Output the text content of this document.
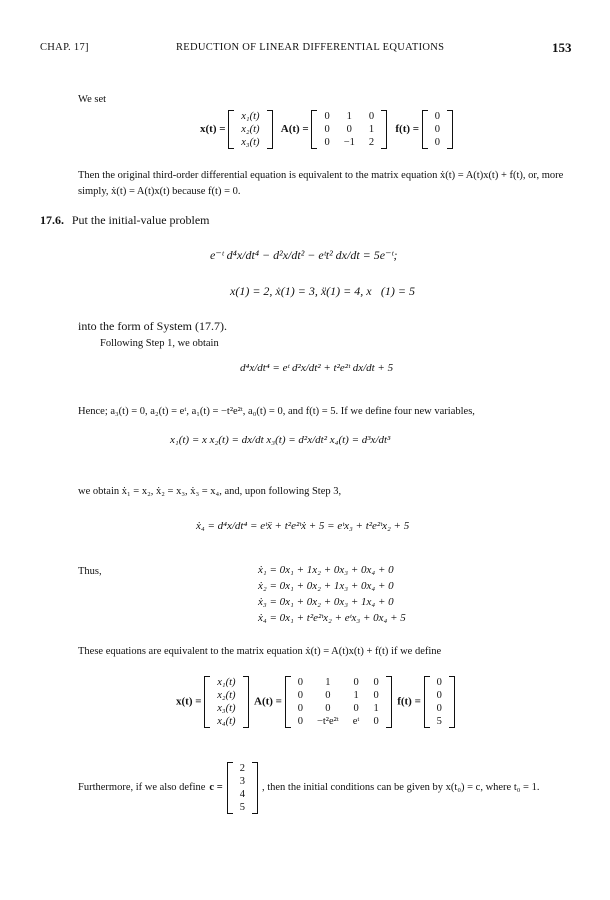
CHAP. 17]	REDUCTION OF LINEAR DIFFERENTIAL EQUATIONS	153
We set
x(t) =
x₁(t)
x₂(t)
x₃(t)
A(t) =
0	1	0
0	0	1
0	−1	2
f(t) =
0
0
0
Then the original third-order differential equation is equivalent to the matrix equation ẋ(t) = A(t)x(t) + f(t), or, more simply, ẋ(t) = A(t)x(t) because f(t) = 0.
17.6. Put the initial-value problem
e⁻ᵗ d⁴x/dt⁴ − d²x/dt² − eᵗt² dx/dt = 5e⁻ᵗ;
x(1) = 2, ẋ(1) = 3, ẍ(1) = 4, x⃛(1) = 5
into the form of System (17.7).
Following Step 1, we obtain
d⁴x/dt⁴ = eᵗ d²x/dt² + t²e²ᵗ dx/dt + 5
Hence; a₃(t) = 0, a₂(t) = eᵗ, a₁(t) = −t²e²ᵗ, a₀(t) = 0, and f(t) = 5. If we define four new variables,
x₁(t) = x x₂(t) = dx/dt x₃(t) = d²x/dt² x₄(t) = d³x/dt³
we obtain ẋ₁ = x₂, ẋ₂ = x₃, ẋ₃ = x₄, and, upon following Step 3,
ẋ₄ = d⁴x/dt⁴ = eᵗẍ + t²e²ᵗẋ + 5 = eᵗx₃ + t²e²ᵗx₂ + 5
Thus,	ẋ₁ = 0x₁ + 1x₂ + 0x₃ + 0x₄ + 0
ẋ₂ = 0x₁ + 0x₂ + 1x₃ + 0x₄ + 0
ẋ₃ = 0x₁ + 0x₂ + 0x₃ + 1x₄ + 0
ẋ₄ = 0x₁ + t²e²ᵗx₂ + eᵗx₃ + 0x₄ + 5
These equations are equivalent to the matrix equation ẋ(t) = A(t)x(t) + f(t) if we define
x(t) =
x₁(t)
x₂(t)
x₃(t)
x₄(t)
A(t) =
0	1	0	0
0	0	1	0
0	0	0	1
0	−t²e²ᵗ	eᵗ	0
f(t) =
0
0
0
5
Furthermore, if we also define c =
2
3
4
5
, then the initial conditions can be given by x(t₀) = c, where t₀ = 1.
